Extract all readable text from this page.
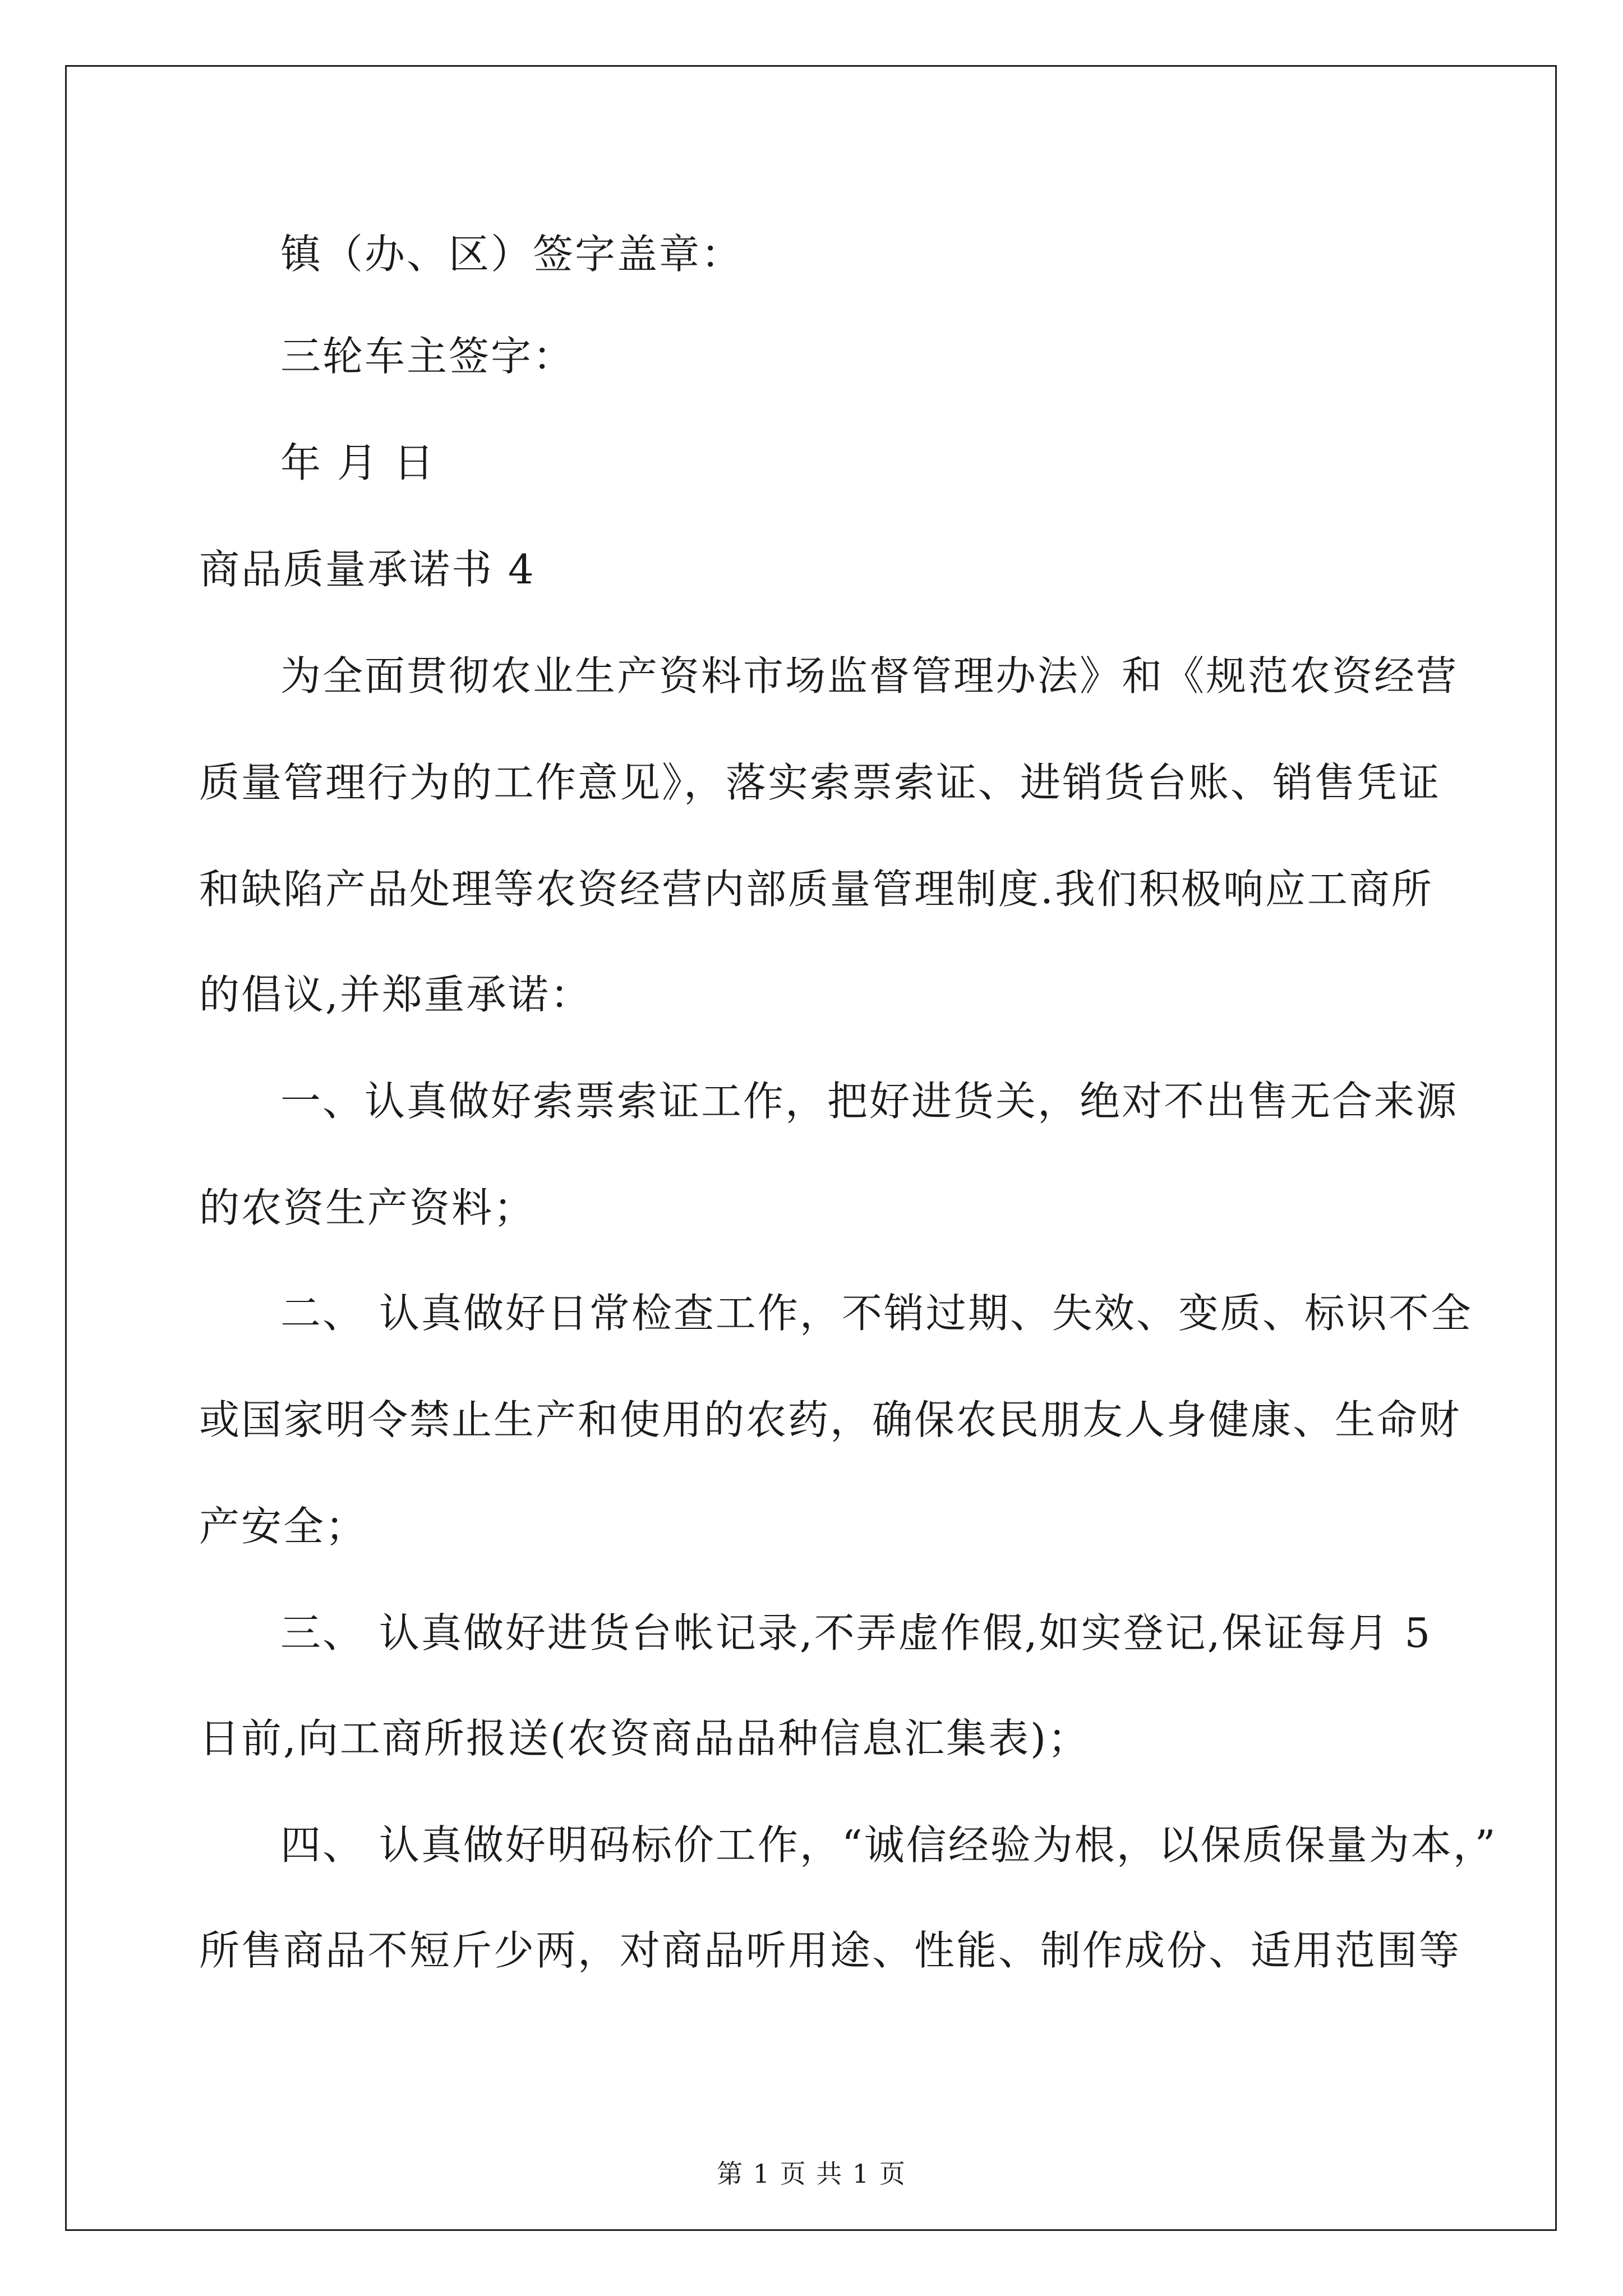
镇（办、区）签字盖章：
三轮车主签字：
年 月 日
商品质量承诺书 4
为全面贯彻农业生产资料市场监督管理办法》和《规范农资经营
质量管理行为的工作意见》，落实索票索证、进销货台账、销售凭证
和缺陷产品处理等农资经营内部质量管理制度.我们积极响应工商所
的倡议,并郑重承诺：
一、认真做好索票索证工作，把好进货关，绝对不出售无合来源
的农资生产资料；
二、 认真做好日常检查工作，不销过期、失效、变质、标识不全
或国家明令禁止生产和使用的农药，确保农民朋友人身健康、生命财
产安全；
三、 认真做好进货台帐记录,不弄虚作假,如实登记,保证每月 5
日前,向工商所报送(农资商品品种信息汇集表)；
四、 认真做好明码标价工作，“诚信经验为根，以保质保量为本，”
所售商品不短斤少两，对商品听用途、性能、制作成份、适用范围等
第 1 页 共 1 页
